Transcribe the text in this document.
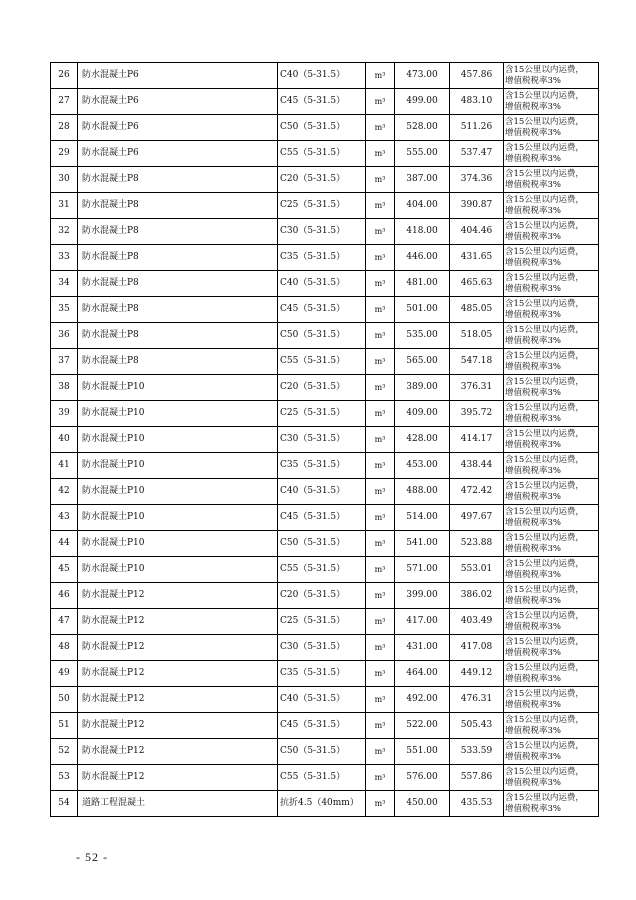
26	防水混凝土P6	C40（5-31.5）	m³	473.00	457.86	含15公里以内运费，
增值税税率3%

27	防水混凝土P6	C45（5-31.5）	m³	499.00	483.10	含15公里以内运费，
增值税税率3%

28	防水混凝土P6	C50（5-31.5）	m³	528.00	511.26	含15公里以内运费，
增值税税率3%

29	防水混凝土P6	C55（5-31.5）	m³	555.00	537.47	含15公里以内运费，
增值税税率3%

30	防水混凝土P8	C20（5-31.5）	m³	387.00	374.36	含15公里以内运费，
增值税税率3%

31	防水混凝土P8	C25（5-31.5）	m³	404.00	390.87	含15公里以内运费，
增值税税率3%

32	防水混凝土P8	C30（5-31.5）	m³	418.00	404.46	含15公里以内运费，
增值税税率3%

33	防水混凝土P8	C35（5-31.5）	m³	446.00	431.65	含15公里以内运费，
增值税税率3%

34	防水混凝土P8	C40（5-31.5）	m³	481.00	465.63	含15公里以内运费，
增值税税率3%

35	防水混凝土P8	C45（5-31.5）	m³	501.00	485.05	含15公里以内运费，
增值税税率3%

36	防水混凝土P8	C50（5-31.5）	m³	535.00	518.05	含15公里以内运费，
增值税税率3%

37	防水混凝土P8	C55（5-31.5）	m³	565.00	547.18	含15公里以内运费，
增值税税率3%

38	防水混凝土P10	C20（5-31.5）	m³	389.00	376.31	含15公里以内运费，
增值税税率3%

39	防水混凝土P10	C25（5-31.5）	m³	409.00	395.72	含15公里以内运费，
增值税税率3%

40	防水混凝土P10	C30（5-31.5）	m³	428.00	414.17	含15公里以内运费，
增值税税率3%

41	防水混凝土P10	C35（5-31.5）	m³	453.00	438.44	含15公里以内运费，
增值税税率3%

42	防水混凝土P10	C40（5-31.5）	m³	488.00	472.42	含15公里以内运费，
增值税税率3%

43	防水混凝土P10	C45（5-31.5）	m³	514.00	497.67	含15公里以内运费，
增值税税率3%

44	防水混凝土P10	C50（5-31.5）	m³	541.00	523.88	含15公里以内运费，
增值税税率3%

45	防水混凝土P10	C55（5-31.5）	m³	571.00	553.01	含15公里以内运费，
增值税税率3%

46	防水混凝土P12	C20（5-31.5）	m³	399.00	386.02	含15公里以内运费，
增值税税率3%

47	防水混凝土P12	C25（5-31.5）	m³	417.00	403.49	含15公里以内运费，
增值税税率3%

48	防水混凝土P12	C30（5-31.5）	m³	431.00	417.08	含15公里以内运费，
增值税税率3%

49	防水混凝土P12	C35（5-31.5）	m³	464.00	449.12	含15公里以内运费，
增值税税率3%

50	防水混凝土P12	C40（5-31.5）	m³	492.00	476.31	含15公里以内运费，
增值税税率3%

51	防水混凝土P12	C45（5-31.5）	m³	522.00	505.43	含15公里以内运费，
增值税税率3%

52	防水混凝土P12	C50（5-31.5）	m³	551.00	533.59	含15公里以内运费，
增值税税率3%

53	防水混凝土P12	C55（5-31.5）	m³	576.00	557.86	含15公里以内运费，
增值税税率3%

54	道路工程混凝土	抗折4.5（40mm）	m³	450.00	435.53	含15公里以内运费，
增值税税率3%
- 52 -
